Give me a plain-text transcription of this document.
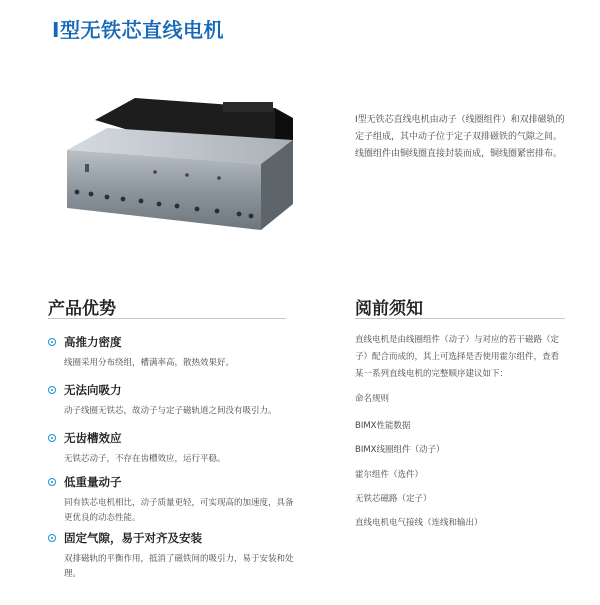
I型无铁芯直线电机

I型无铁芯直线电机由动子（线圈组件）和双排磁轨的定子组成，其中动子位于定子双排磁铁的气隙之间。线圈组件由铜线圈直接封装而成，铜线圈紧密排布。

产品优势
高推力密度
线圈采用分布绕组，槽满率高，散热效果好。
无法向吸力
动子线圈无铁芯，故动子与定子磁轨道之间没有吸引力。
无齿槽效应
无铁芯动子，不存在齿槽效应，运行平稳。
低重量动子
同有铁芯电机相比，动子质量更轻，可实现高的加速度，具备更优良的动态性能。
固定气隙，易于对齐及安装
双排磁轨的平衡作用，抵消了磁铁间的吸引力，易于安装和处理。
阅前须知

直线电机是由线圈组件（动子）与对应的若干磁路（定子）配合而成的，其上可选择是否使用霍尔组件，查看某一系列直线电机的完整顺序建议如下：

命名规则
BIMX性能数据
BIMX线圈组件（动子）
霍尔组件（选件）
无铁芯磁路（定子）
直线电机电气接线（连线和输出）
